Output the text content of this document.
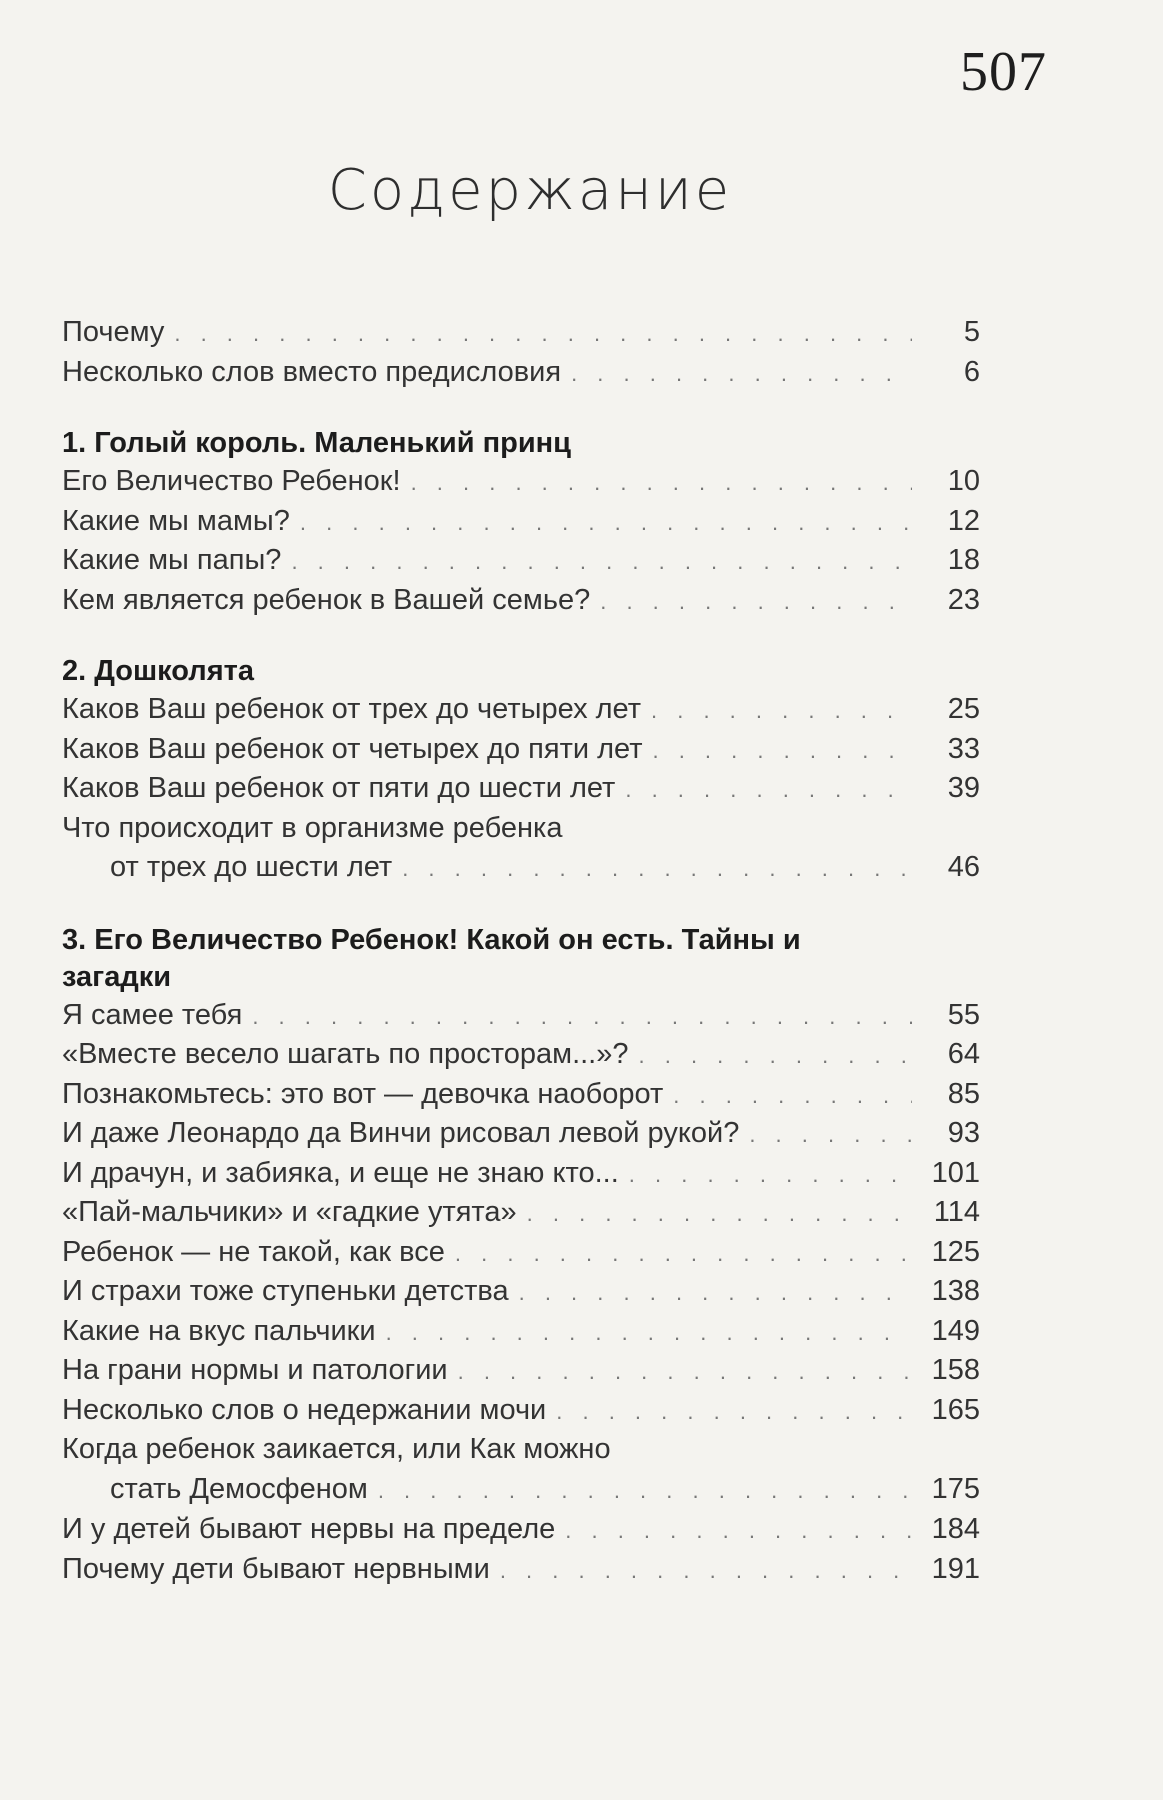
507
Содержание
Почему . . .	5
Несколько слов вместо предисловия . . .	6
1. Голый король. Маленький принц
Его Величество Ребенок! . . .	10
Какие мы мамы? . . .	12
Какие мы папы? . . .	18
Кем является ребенок в Вашей семье? . . .	23
2. Дошколята
Каков Ваш ребенок от трех до четырех лет . . .	25
Каков Ваш ребенок от четырех до пяти лет . . .	33
Каков Ваш ребенок от пяти до шести лет . . .	39
Что происходит в организме ребенка
от трех до шести лет . . .	46
3. Его Величество Ребенок! Какой он есть. Тайны и загадки
Я самее тебя . . .	55
«Вместе весело шагать по просторам...»? . . .	64
Познакомьтесь: это вот — девочка наоборот . . .	85
И даже Леонардо да Винчи рисовал левой рукой? . . .	93
И драчун, и забияка, и еще не знаю кто... . . .	101
«Пай-мальчики» и «гадкие утята» . . .	114
Ребенок — не такой, как все . . .	125
И страхи тоже ступеньки детства . . .	138
Какие на вкус пальчики . . .	149
На грани нормы и патологии . . .	158
Несколько слов о недержании мочи . . .	165
Когда ребенок заикается, или Как можно
стать Демосфеном . . .	175
И у детей бывают нервы на пределе . . .	184
Почему дети бывают нервными . . .	191
